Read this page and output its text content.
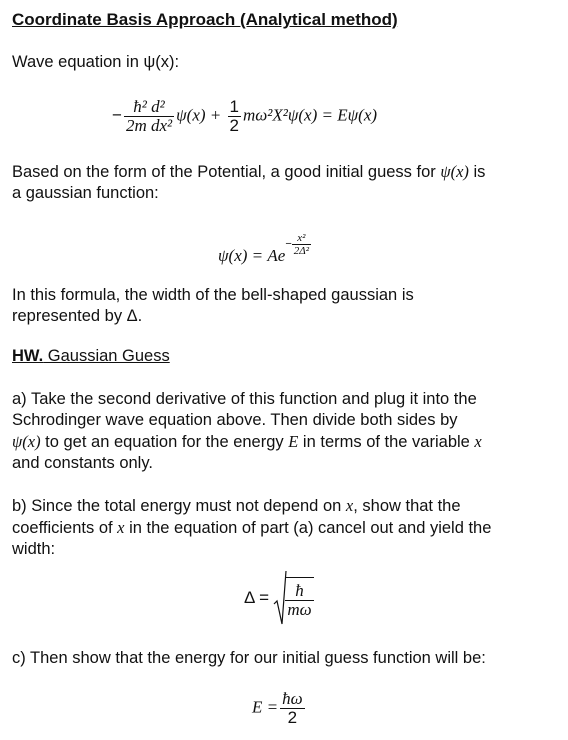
Coordinate Basis Approach (Analytical method)
Wave equation in ψ(x):
− $\frac{\text{ħ² d²}}{\text{2m dx²}} \psi(x) + \frac{1}{2} m\omega^2X^2\psi(x) = E\psi(x)$
Based on the form of the Potential, a good initial guess for ψ(x) is
a gaussian function:
$\psi(x) = Ae- \frac{\text{x²}}{\text{2Δ²}}$
In this formula, the width of the bell-shaped gaussian is
represented by Δ.
HW. Gaussian Guess
a) Take the second derivative of this function and plug it into the
Schrodinger wave equation above. Then divide both sides by
ψ(x) to get an equation for the energy E in terms of the variable x
and constants only.
b) Since the total energy must not depend on x, show that the
coefficients of x in the equation of part (a) cancel out and yield the
width:
$\Delta = \frac{ħ}{m\omega}$
c) Then show that the energy for our initial guess function will be:
$E = \frac{ħ\omega}{2}$
